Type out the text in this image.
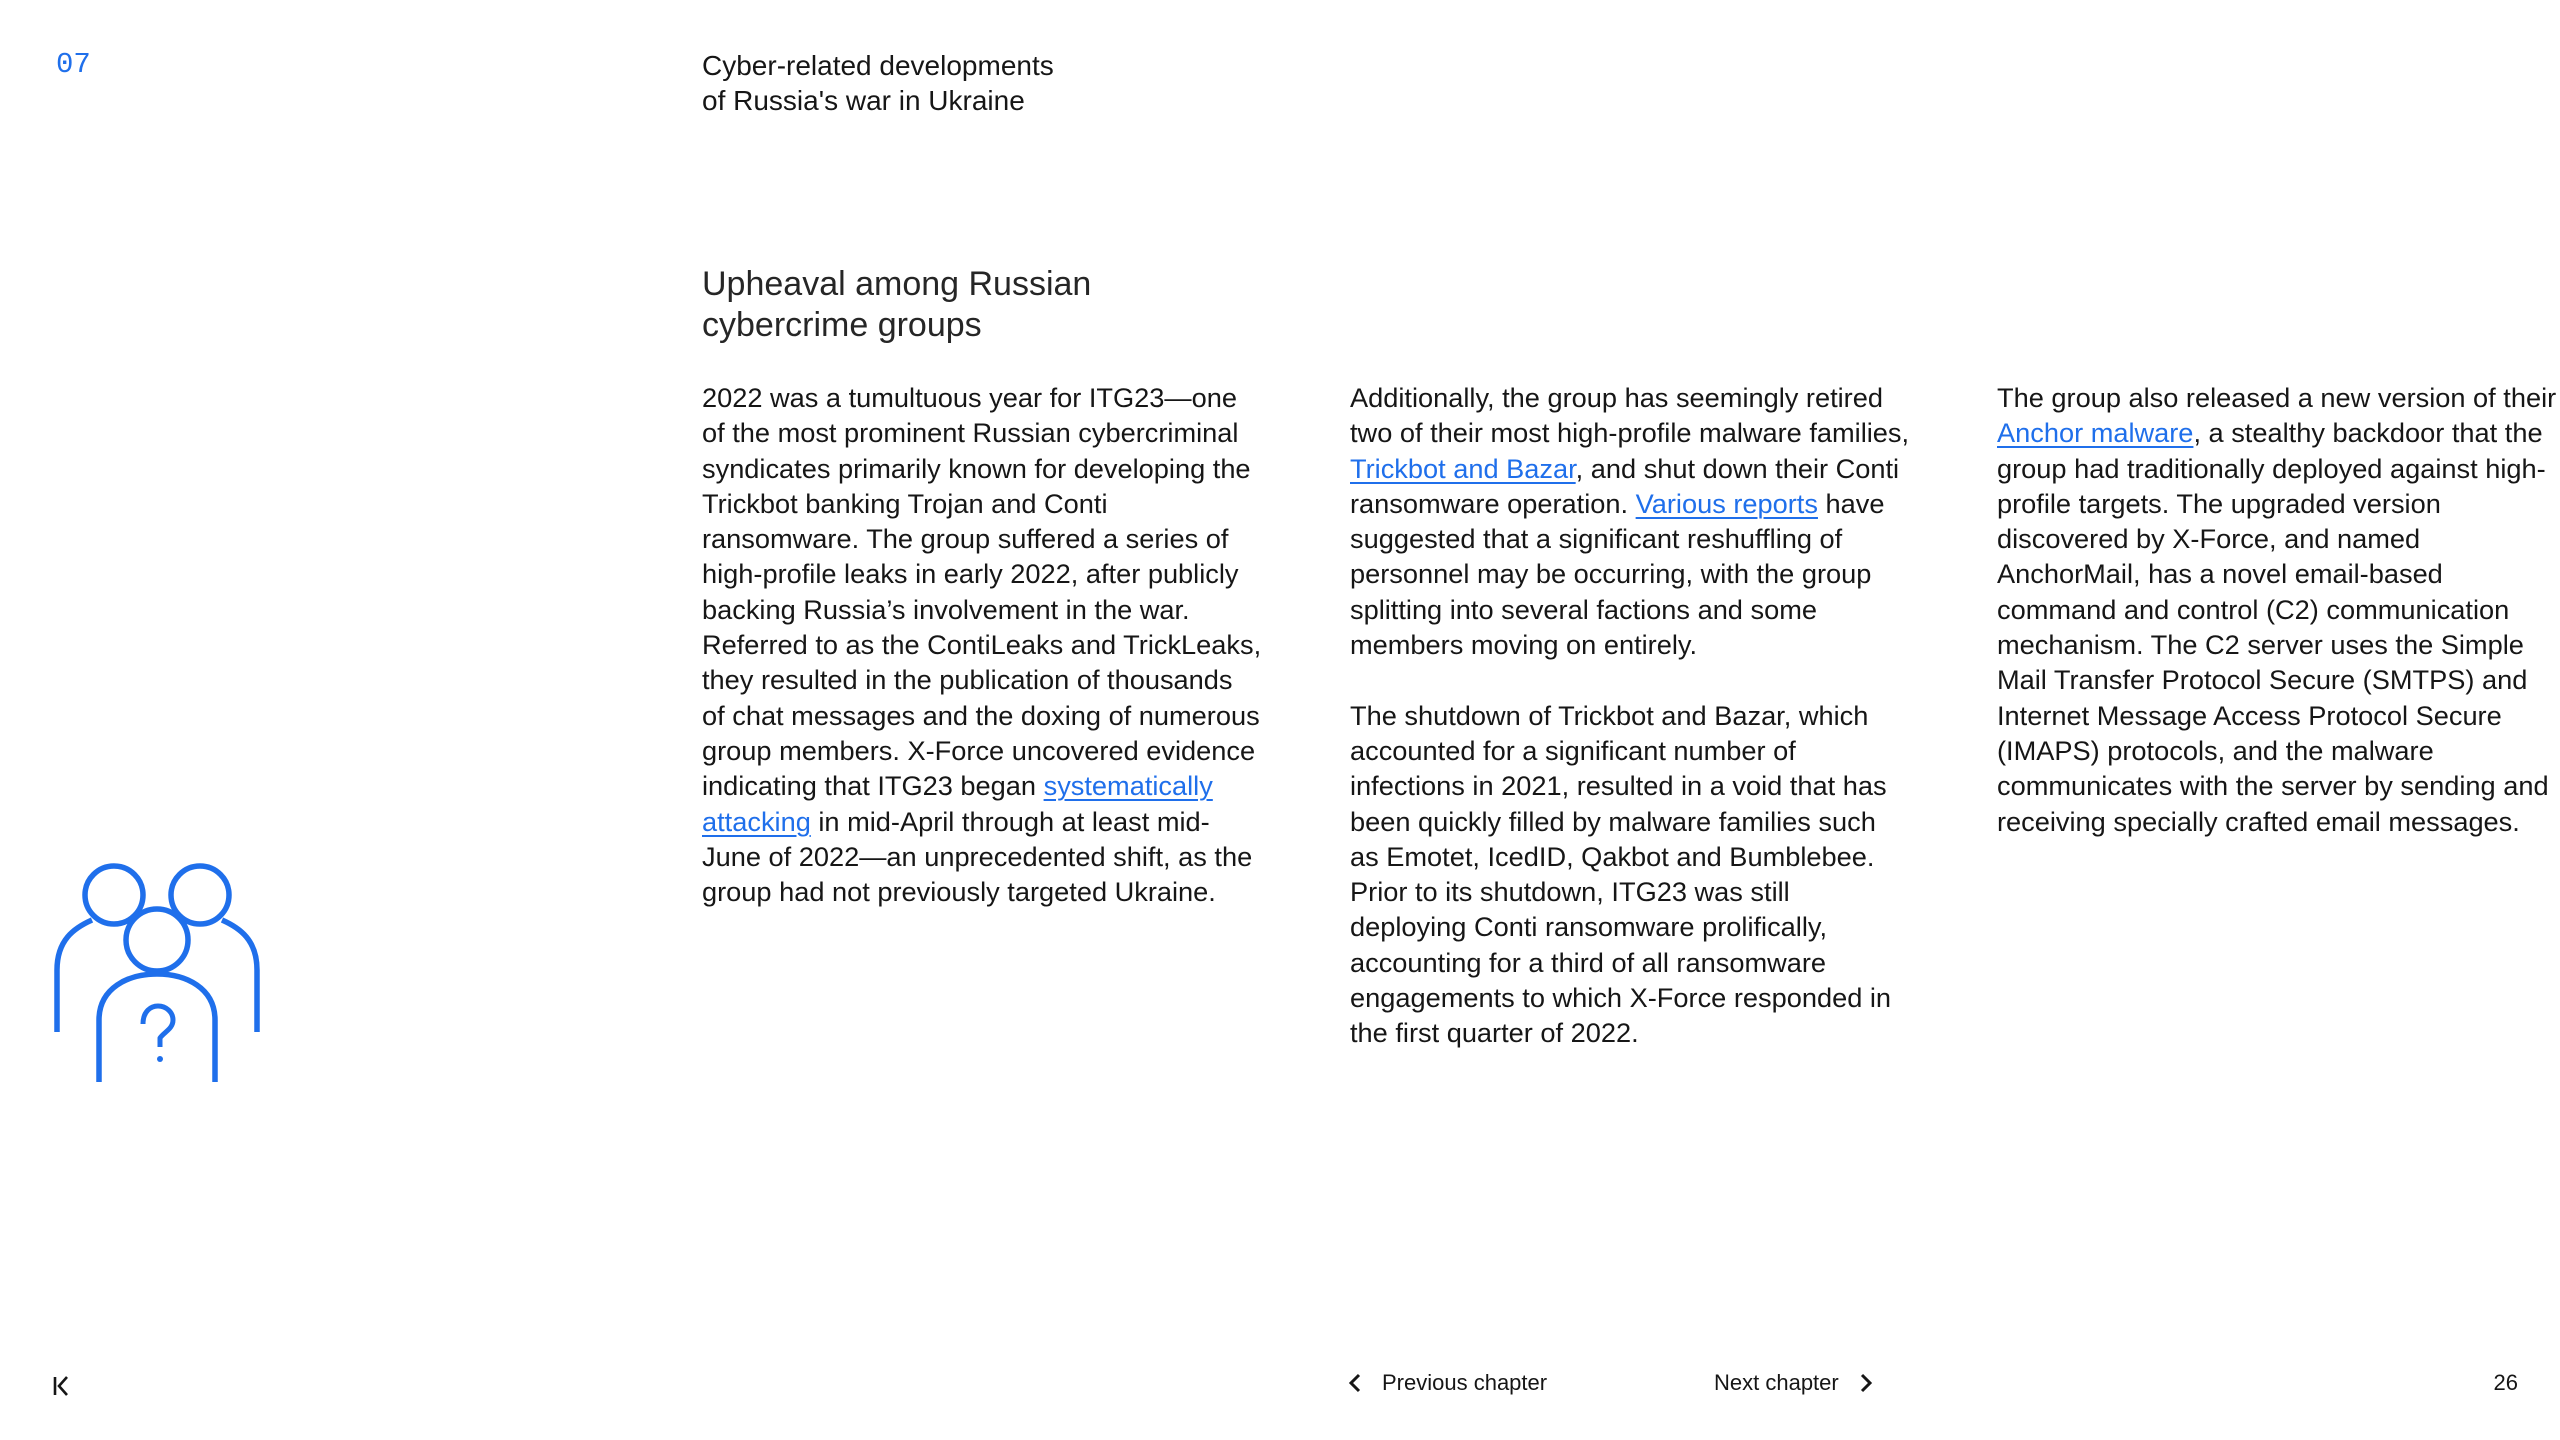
07	Cyber-related developments
of Russia's war in Ukraine
Upheaval among Russian
cybercrime groups

2022 was a tumultuous year for ITG23—one of the most prominent Russian cybercriminal syndicates primarily known for developing the Trickbot banking Trojan and Conti ransomware. The group suffered a series of high-profile leaks in early 2022, after publicly backing Russia’s involvement in the war. Referred to as the ContiLeaks and TrickLeaks, they resulted in the publication of thousands of chat messages and the doxing of numerous group members. X-Force uncovered evidence indicating that ITG23 began systematically attacking in mid-April through at least mid-June of 2022—an unprecedented shift, as the group had not previously targeted Ukraine.

Additionally, the group has seemingly retired two of their most high-profile malware families, Trickbot and Bazar, and shut down their Conti ransomware operation. Various reports have suggested that a significant reshuffling of personnel may be occurring, with the group splitting into several factions and some members moving on entirely.

The shutdown of Trickbot and Bazar, which accounted for a significant number of infections in 2021, resulted in a void that has been quickly filled by malware families such as Emotet, IcedID, Qakbot and Bumblebee. Prior to its shutdown, ITG23 was still deploying Conti ransomware prolifically, accounting for a third of all ransomware engagements to which X-Force responded in the first quarter of 2022.

The group also released a new version of their Anchor malware, a stealthy backdoor that the group had traditionally deployed against high-profile targets. The upgraded version discovered by X-Force, and named AnchorMail, has a novel email-based command and control (C2) communication mechanism. The C2 server uses the Simple Mail Transfer Protocol Secure (SMTPS) and Internet Message Access Protocol Secure (IMAPS) protocols, and the malware communicates with the server by sending and receiving specially crafted email messages.

Previous chapter	Next chapter	26
